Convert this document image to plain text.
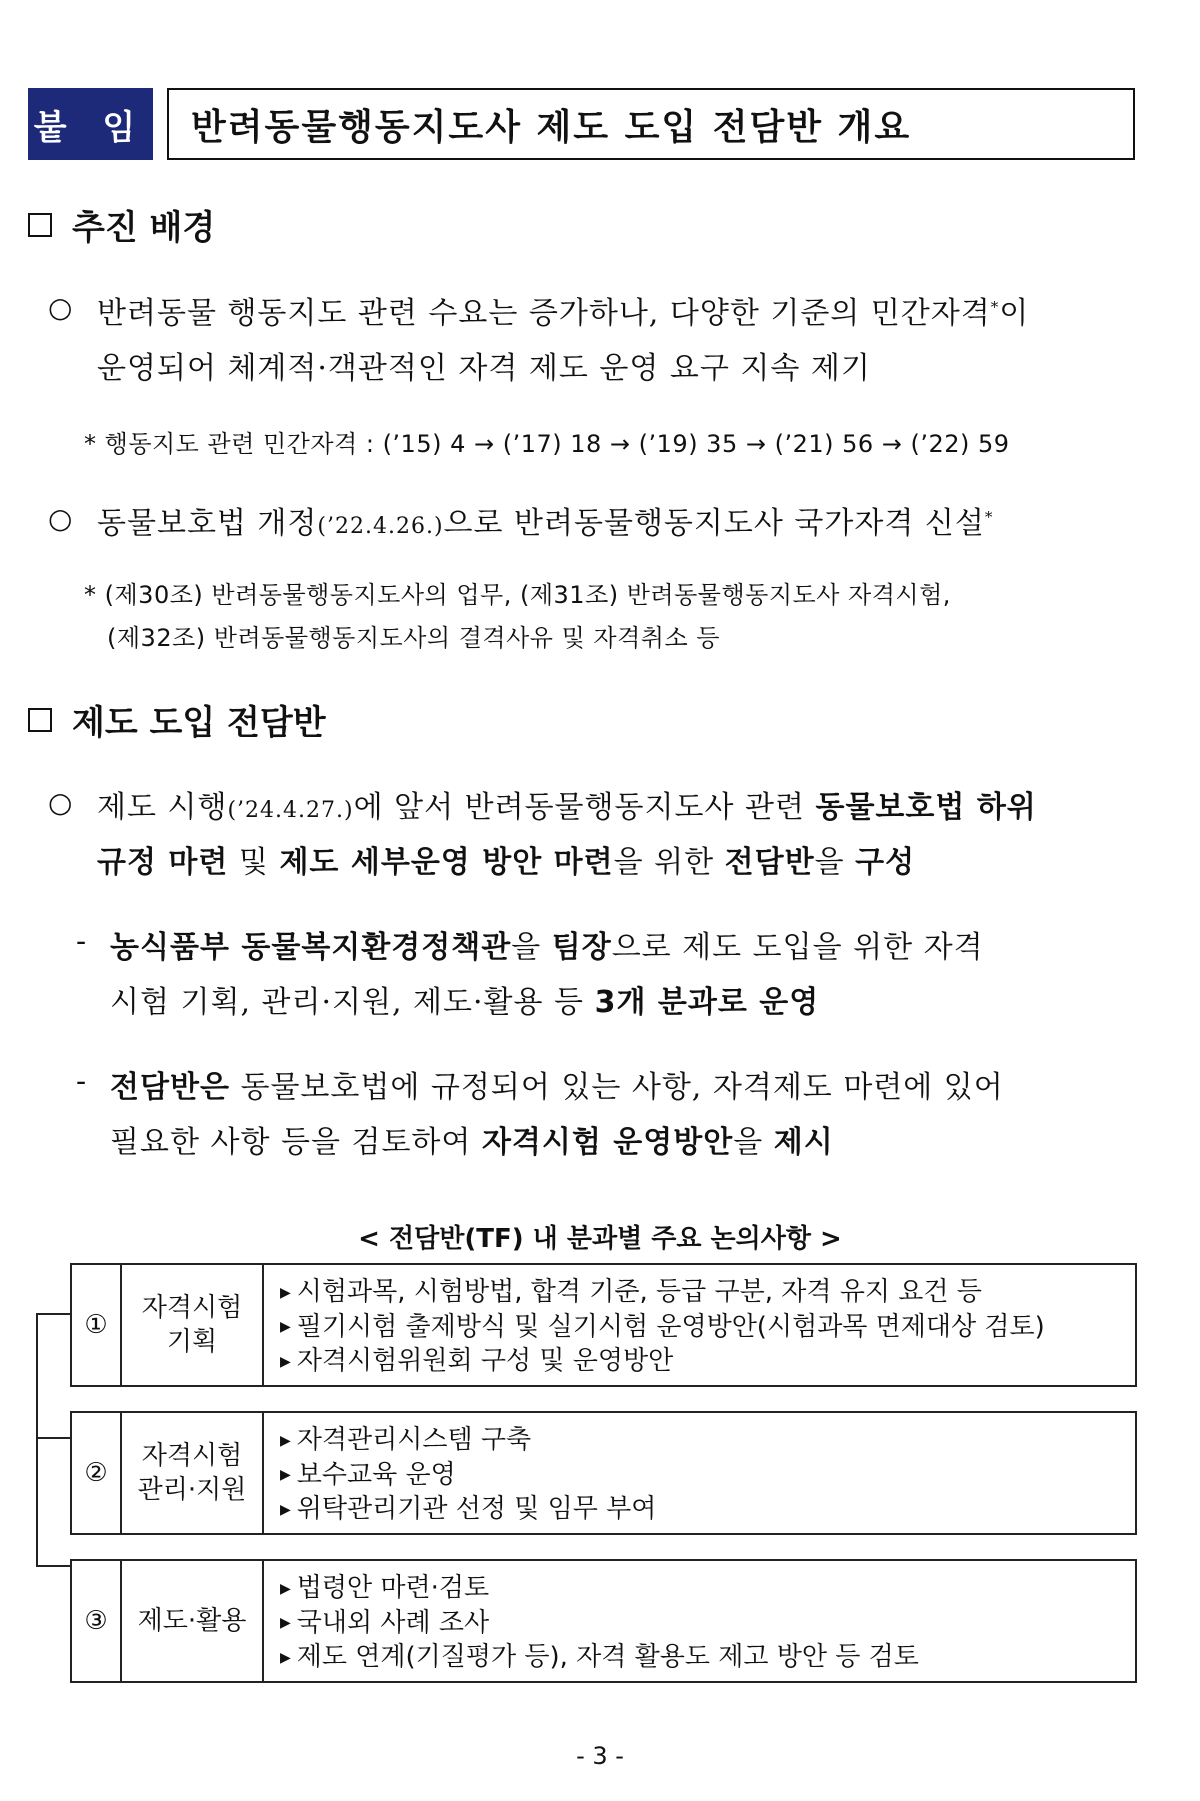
붙 임	반려동물행동지도사 제도 도입 전담반 개요
추진 배경
○ 반려동물 행동지도 관련 수요는 증가하나, 다양한 기준의 민간자격*이
운영되어 체계적·객관적인 자격 제도 운영 요구 지속 제기
* 행동지도 관련 민간자격 : (’15) 4 → (’17) 18 → (’19) 35 → (’21) 56 → (’22) 59
○ 동물보호법 개정(’22.4.26.)으로 반려동물행동지도사 국가자격 신설*
* (제30조) 반려동물행동지도사의 업무, (제31조) 반려동물행동지도사 자격시험,
(제32조) 반려동물행동지도사의 결격사유 및 자격취소 등
제도 도입 전담반
○ 제도 시행(’24.4.27.)에 앞서 반려동물행동지도사 관련 동물보호법 하위
규정 마련 및 제도 세부운영 방안 마련을 위한 전담반을 구성
- 농식품부 동물복지환경정책관을 팀장으로 제도 도입을 위한 자격
시험 기획, 관리·지원, 제도·활용 등 3개 분과로 운영
- 전담반은 동물보호법에 규정되어 있는 사항, 자격제도 마련에 있어
필요한 사항 등을 검토하여 자격시험 운영방안을 제시
< 전담반(TF) 내 분과별 주요 논의사항 >
①
자격시험
기획
▶ 시험과목, 시험방법, 합격 기준, 등급 구분, 자격 유지 요건 등
▶ 필기시험 출제방식 및 실기시험 운영방안(시험과목 면제대상 검토)
▶ 자격시험위원회 구성 및 운영방안
②
자격시험
관리·지원
▶ 자격관리시스템 구축
▶ 보수교육 운영
▶ 위탁관리기관 선정 및 임무 부여
③	제도·활용
▶ 법령안 마련·검토
▶ 국내외 사례 조사
▶ 제도 연계(기질평가 등), 자격 활용도 제고 방안 등 검토
- 3 -
